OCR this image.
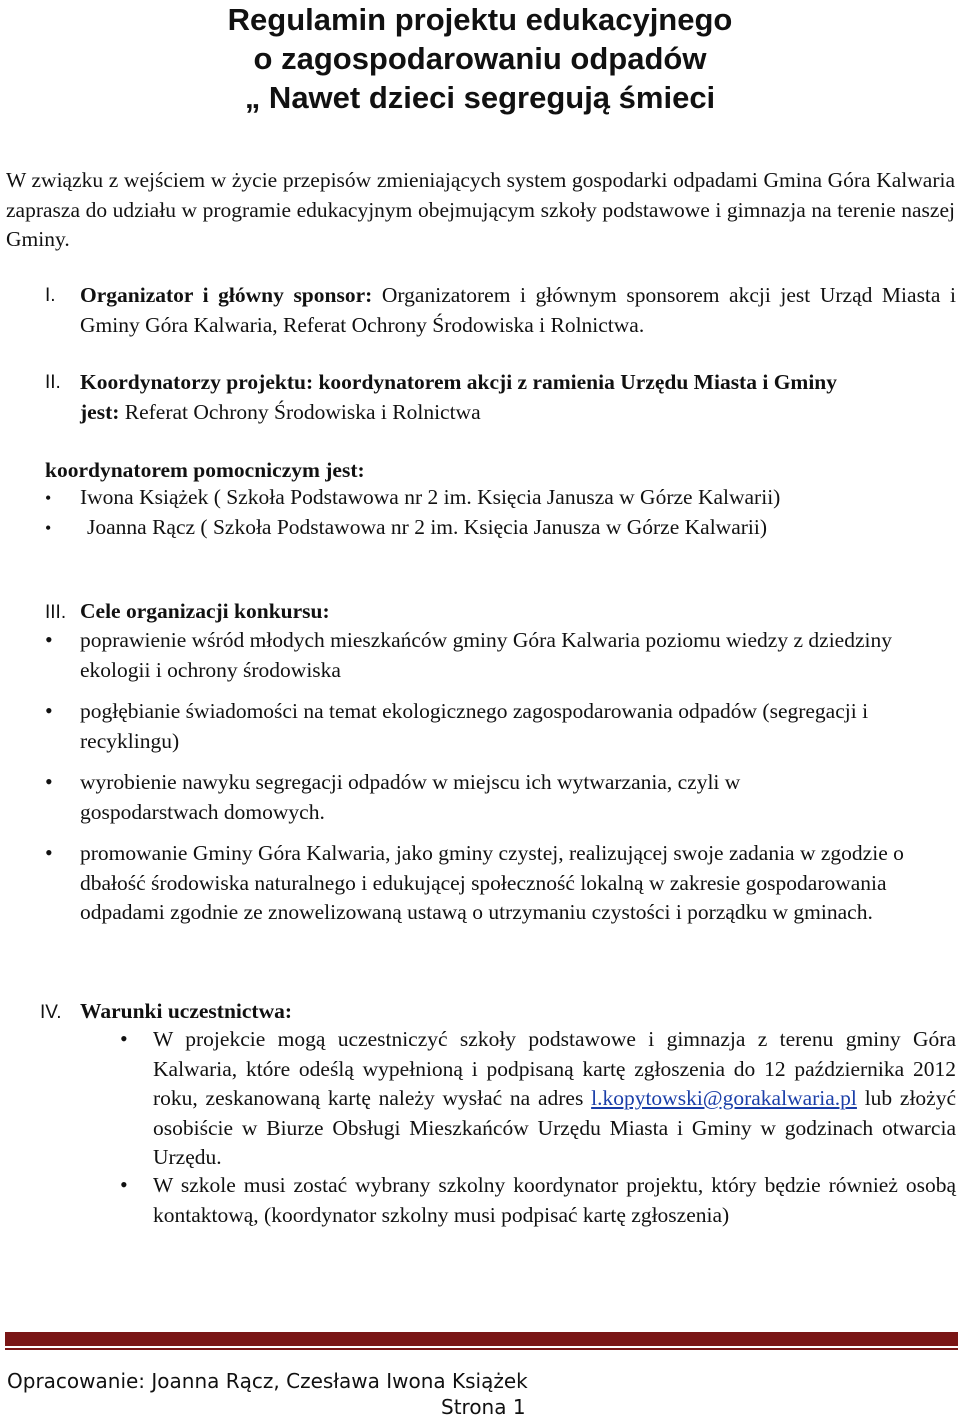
Regulamin projektu edukacyjnego
o zagospodarowaniu odpadów
„ Nawet dzieci segregują śmieci
W związku z wejściem w życie przepisów zmieniających system gospodarki odpadami Gmina Góra Kalwaria zaprasza do udziału w programie edukacyjnym obejmującym szkoły podstawowe i gimnazja na terenie naszej Gminy.
I. Organizator i główny sponsor: Organizatorem i głównym sponsorem akcji jest Urząd Miasta i Gminy Góra Kalwaria, Referat Ochrony Środowiska i Rolnictwa.
II. Koordynatorzy projektu: koordynatorem akcji z ramienia Urzędu Miasta i Gminy jest: Referat Ochrony Środowiska i Rolnictwa
koordynatorem pomocniczym jest:
• Iwona Książek ( Szkoła Podstawowa nr 2 im. Księcia Janusza w Górze Kalwarii)
• Joanna Rącz ( Szkoła Podstawowa nr 2 im. Księcia Janusza w Górze Kalwarii)
III. Cele organizacji konkursu:
• poprawienie wśród młodych mieszkańców gminy Góra Kalwaria poziomu wiedzy z dziedziny ekologii i ochrony środowiska
• pogłębianie świadomości na temat ekologicznego zagospodarowania odpadów (segregacji i recyklingu)
• wyrobienie nawyku segregacji odpadów w miejscu ich wytwarzania, czyli w gospodarstwach domowych.
• promowanie Gminy Góra Kalwaria, jako gminy czystej, realizującej swoje zadania w zgodzie o dbałość środowiska naturalnego i edukującej społeczność lokalną w zakresie gospodarowania odpadami zgodnie ze znowelizowaną ustawą o utrzymaniu czystości i porządku w gminach.
IV. Warunki uczestnictwa:
• W projekcie mogą uczestniczyć szkoły podstawowe i gimnazja z terenu gminy Góra Kalwaria, które odeślą wypełnioną i podpisaną kartę zgłoszenia do 12 października 2012 roku, zeskanowaną kartę należy wysłać na adres l.kopytowski@gorakalwaria.pl lub złożyć osobiście w Biurze Obsługi Mieszkańców Urzędu Miasta i Gminy w godzinach otwarcia Urzędu.
• W szkole musi zostać wybrany szkolny koordynator projektu, który będzie również osobą kontaktową, (koordynator szkolny musi podpisać kartę zgłoszenia)
Opracowanie: Joanna Rącz, Czesława Iwona Książek
Strona 1
